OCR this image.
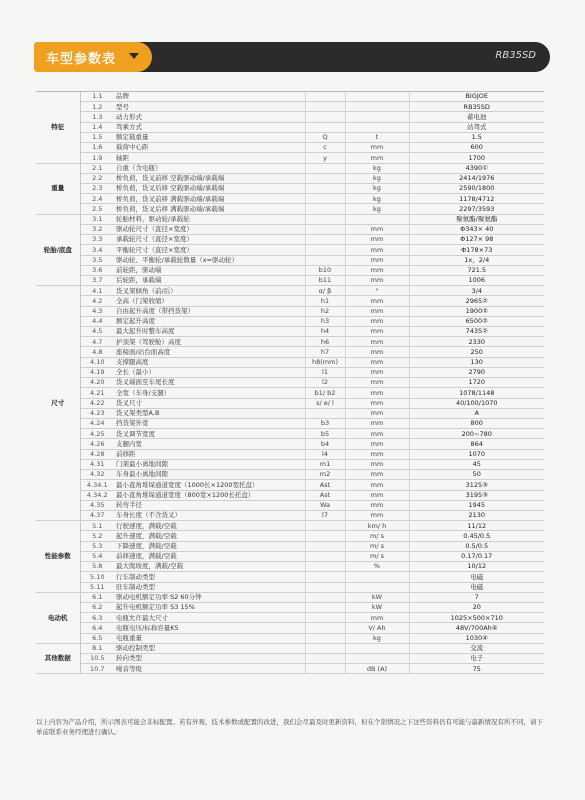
车型参数表	RB35SD
特征	1.1	品牌			BIGJOE
	1.2	型号			RB35SD
	1.3	动力形式			蓄电池
	1.4	驾乘方式			站驾式
	1.5	额定载重量	Q	t	1.5
	1.6	载荷中心距	c	mm	600
	1.9	轴距	y	mm	1700
重量	2.1	自重（含电瓶）		kg	4390①
	2.2	桥负荷，货叉前移 空载驱动端/承载端		kg	2414/1976
	2.3	桥负荷，货叉后移 空载驱动端/承载端		kg	2590/1800
	2.4	桥负荷，货叉前移 满载驱动端/承载端		kg	1178/4712
	2.5	桥负荷，货叉后移 满载驱动端/承载端		kg	2297/3593
轮胎/底盘	3.1	轮胎材料，驱动轮/承载轮			聚氨酯/聚氨酯
	3.2	驱动轮尺寸（直径×宽度）		mm	Φ343× 40
	3.3	承载轮尺寸（直径×宽度）		mm	Φ127× 98
	3.4	平衡轮尺寸（直径×宽度）		mm	Φ178×73
	3.5	驱动轮、平衡轮/承载轮数量（x=驱动轮）		mm	1x，2/4
	3.6	前轮距，驱动端	b10	mm	721.5
	3.7	后轮距，承载端	b11	mm	1006
尺寸	4.1	货叉架倾角（前/后）	α/ β	°	3/4
	4.2	全高（门架收缩）	h1	mm	2965②
	4.3	自由起升高度（带挡货架）	h2	mm	1900②
	4.4	额定起升高度	h3	mm	6500②
	4.5	最大起升时整车高度	h4	mm	7435②
	4.7	护顶架（驾驶舱）高度	h6	mm	2330
	4.8	座椅面/站台面高度	h7	mm	250
	4.10	支撑腿高度	h8(mm)	mm	130
	4.19	全长（最小）	l1	mm	2790
	4.20	货叉端面至车尾长度	l2	mm	1720
	4.21	全宽（车身/支腿）	b1/ b2	mm	1078/1148
	4.22	货叉尺寸	s/ e/ l	mm	40/100/1070
	4.23	货叉架类型A,B		mm	A
	4.24	挡货架外宽	b3	mm	800
	4.25	货叉调节宽度	b5	mm	200~780
	4.26	支腿内宽	b4	mm	864
	4.28	前移距	l4	mm	1070
	4.31	门架最小离地间隙	m1	mm	45
	4.32	车身最小离地间隙	m2	mm	50
	4.34.1	最小直角堆垛通道宽度（1000长×1200宽托盘）	Ast	mm	3125③
	4.34.2	最小直角堆垛通道宽度（800宽×1200长托盘）	Ast	mm	3195③
	4.35	转弯半径	Wa	mm	1945
	4.37	车身长度（不含货叉）	l7	mm	2130
性能参数	5.1	行驶速度，满载/空载		km/ h	11/12
	5.2	起升速度，满载/空载		m/ s	0.45/0.5
	5.3	下降速度，满载/空载		m/ s	0.5/0.5
	5.4	前移速度，满载/空载		m/ s	0.17/0.17
	5.8	最大爬坡度，满载/空载		%	10/12
	5.10	行车制动类型			电磁
	5.11	驻车制动类型			电磁
电动机	6.1	驱动电机额定功率 S2 60分钟		kW	7
	6.2	起升电机额定功率 S3 15%		kW	20
	6.3	电瓶允许最大尺寸		mm	1025×500×710
	6.4	电瓶电压/标称容量K5		V/ Ah	48V/700Ah④
	6.5	电瓶重量		kg	1030④
其他数据	8.1	驱动控制类型			交流
	10.5	转向类型			电子
	10.7	噪音等级		dB (A)	75
以上内容为产品介绍，所示图表可能会非标配置。若有外观、技术参数或配置的改进，我们会尽最及时更新资料，但在个别情况之下这些资料仍有可能与最新情况有所不同，请下单前联系业务经理进行确认。
